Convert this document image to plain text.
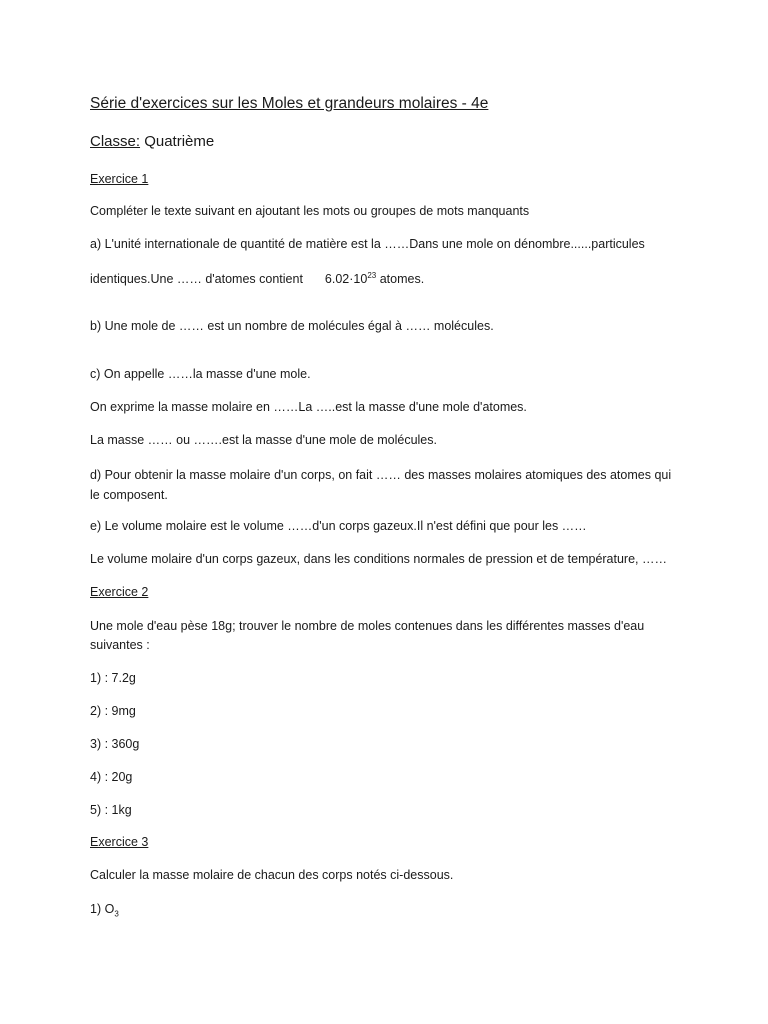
Série d'exercices sur les Moles et grandeurs molaires - 4e
Classe: Quatrième
Exercice 1
Compléter le texte suivant en ajoutant les mots ou groupes de mots manquants
a) L'unité internationale de quantité de matière est la ……Dans une mole on dénombre......particules
identiques.Une …… d'atomes contient $6.02\cdot 10^{23}$ atomes.
b) Une mole de …… est un nombre de molécules égal à …… molécules.
c) On appelle ……la masse d'une mole.
On exprime la masse molaire en ……La …..est la masse d'une mole d'atomes.
La masse …… ou …….est la masse d'une mole de molécules.
d) Pour obtenir la masse molaire d'un corps, on fait …… des masses molaires atomiques des atomes qui le composent.
e) Le volume molaire est le volume ……d'un corps gazeux.Il n'est défini que pour les ……
Le volume molaire d'un corps gazeux, dans les conditions normales de pression et de température, ……
Exercice 2
Une mole d'eau pèse 18g; trouver le nombre de moles contenues dans les différentes masses d'eau suivantes :
1) : 7.2g
2) : 9mg
3) : 360g
4) : 20g
5) : 1kg
Exercice 3
Calculer la masse molaire de chacun des corps notés ci-dessous.
1) $O_3$
